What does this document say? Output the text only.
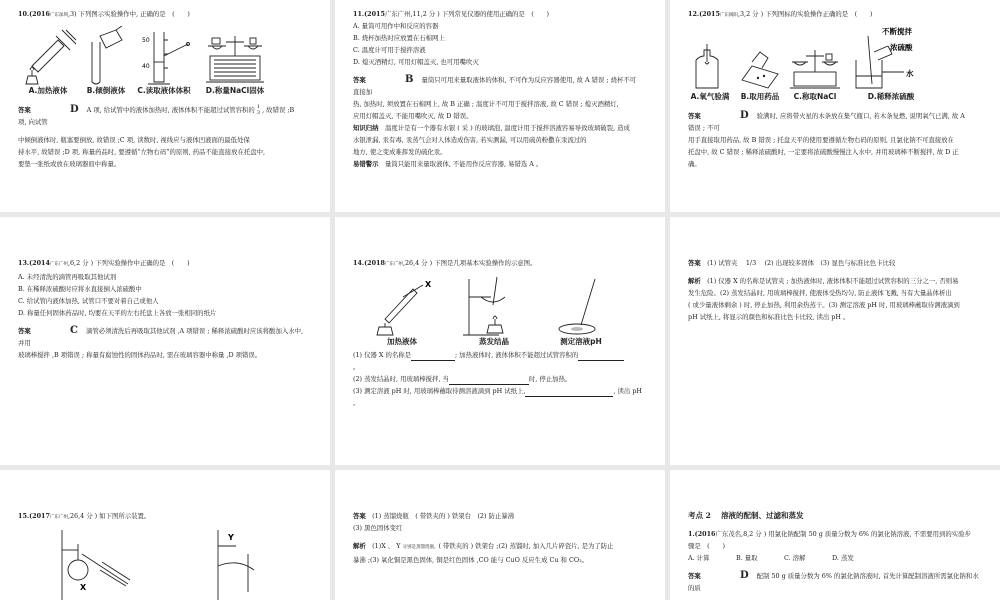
10.(2016广东深圳,3) 下列图示实验操作中, 正确的是　(　　)
A.加热液体	B.倾倒液体
50
40
C.读取液体体积 D.称量NaCl固体
答案	D A 项, 给试管中的液体加热时, 液体体积不能超过试管容积的 1
3 , 故错误 ;B
项, 向试管
中倾倒液体时, 瓶塞要倒放, 故错误 ;C 项, 读数时, 视线应与液体凹液面的最低处保
持水平, 故错误 ;D 项, 称量药品时, 要遵循“左物右码”的原则, 药品不能直接放在托盘中,
要垫一张纸或放在玻璃器皿中称量。
11.(2015广东广州,11,2 分 ) 下列常见仪器的使用正确的是　(　　)
A. 量筒可用作中和反应的容器
B. 烧杯加热时应放置在石棉网上
C. 温度计可用于搅拌溶液
D. 熄灭酒精灯, 可用灯帽盖灭, 也可用嘴吹灭
答案	B 量筒只可用来量取液体的体积, 不可作为反应容器使用, 故 A 错误 ; 烧杯不可
直接加
热, 加热时, 须放置在石棉网上, 故 B 正确 ; 温度计不可用于搅拌溶液, 故 C 错误 ; 熄灭酒精灯,
应用灯帽盖灭, 不能用嘴吹灭, 故 D 错误。
知识归纳　 温度计是有一个器有水银 ( 采 ) 的玻璃泡, 温度计用于搅拌溶液容易导致玻璃破裂, 造成
水银泄漏, 汞有毒, 汞蒸气会对人体造成伤害, 若实测漏, 可以用硫黄粉撒在汞流过的
地方, 使之变成难挥发的硫化汞。
易错警示　 量筒只能用来量取液体, 不能用作反应容器, 易错选 A 。
12.(2015广东揭阳,3,2 分 ) 下列图标的实验操作正确的是　(　　)
A.氧气验满 B.取用药品 C.称取NaCl
不断搅拌
浓硫酸
水
D.稀释浓硫酸
答案	D 验满时, 应将带火星的木条放在集气瓶口, 若木条复燃, 说明氧气已满, 故 A
错误 ; 不可
用手直接取用药品, 故 B 错误 ; 托盘天平的使用要遵循左物右码的原则, 且氯化钠不可直接放在
托盘中, 故 C 错误 ; 稀释浓硫酸时, 一定要将浓硫酸慢慢注入水中, 并用玻璃棒不断搅拌, 故 D 正
确。
13.(2014广东广州,6,2 分 ) 下列实验操作中正确的是　(　　)
A. 未经清洗的滴管再吸取其他试剂
B. 在稀释浓硫酸时应将水直接倒入浓硫酸中
C. 给试管内液体加热, 试管口不要对着自己或他人
D. 称量任何固体药品时, 均要在天平的左右托盘上各放一张相同的纸片
答案	C 滴管必须清洗后再吸取其他试剂 ,A 项错误 ; 稀释浓硫酸时应该将酸加入水中,
并用
玻璃棒搅拌 ,B 项错误 ; 称量有腐蚀性的固体药品时, 需在玻璃容器中称量 ,D 项错误。
14.(2018广东广州,26,4 分 ) 下图是几项基本实验操作的示意图。
X
加热液体	蒸发结晶	测定溶液pH
(1) 仪器 X 的名称是	; 加热液体时, 液体体积不能超过试管容积的
。
(2) 蒸发结晶时, 用玻璃棒搅拌, 当	时, 停止加热。
(3) 测定溶液 pH 时, 用玻璃棒蘸取待测溶液滴到 pH 试纸上,	, 读出 pH
。
答案　 (1) 试管夹　 1/3　 (2) 出现较多固体　(3) 显色与标准比色卡比较
解析　 (1) 仪器 X 的名称是试管夹 ; 加热液体时, 液体体积不能超过试管容积的三分之一, 否则易
发生危险。(2) 蒸发结晶时, 用玻璃棒搅拌, 使液体受热均匀, 防止液体飞溅, 当有大量晶体析出
( 或少量液体剩余 ) 时, 停止加热, 利用余热蒸干。(3) 测定溶液 pH 时, 用玻璃棒蘸取待测液滴到
pH 试纸上, 将显示的颜色和标准比色卡比较, 读出 pH 。
15.(2017广东广州,26,4 分 ) 如下图所示装置。
X
Y
答案　 (1) 蒸馏烧瓶　( 带铁夹的 ) 铁架台　(2) 防止暴沸
(3) 黑色固体变红
解析　 (1)X 、 Y 分别是蒸馏烧瓶、( 带铁夹的 ) 铁架台 ;(2) 蒸馏时, 加入几片碎瓷片, 是为了防止
暴沸 ;(3) 氧化铜是黑色固体, 铜是红色固体 ,CO 能与 CuO 反应生成 Cu 和 CO₂。
考点 2　 溶液的配制、过滤和蒸发
1.(2016广东茂名,8,2 分 ) 用氯化钠配制 50 g 质量分数为 6% 的氯化钠溶液, 不需要用到的实验步
骤是　(　　)
A. 计算	B. 量取	C. 溶解	D. 蒸发
答案	D 配制 50 g 质量分数为 6% 的氯化钠溶液时, 首先计算配制溶液所需氯化钠和水
的质
